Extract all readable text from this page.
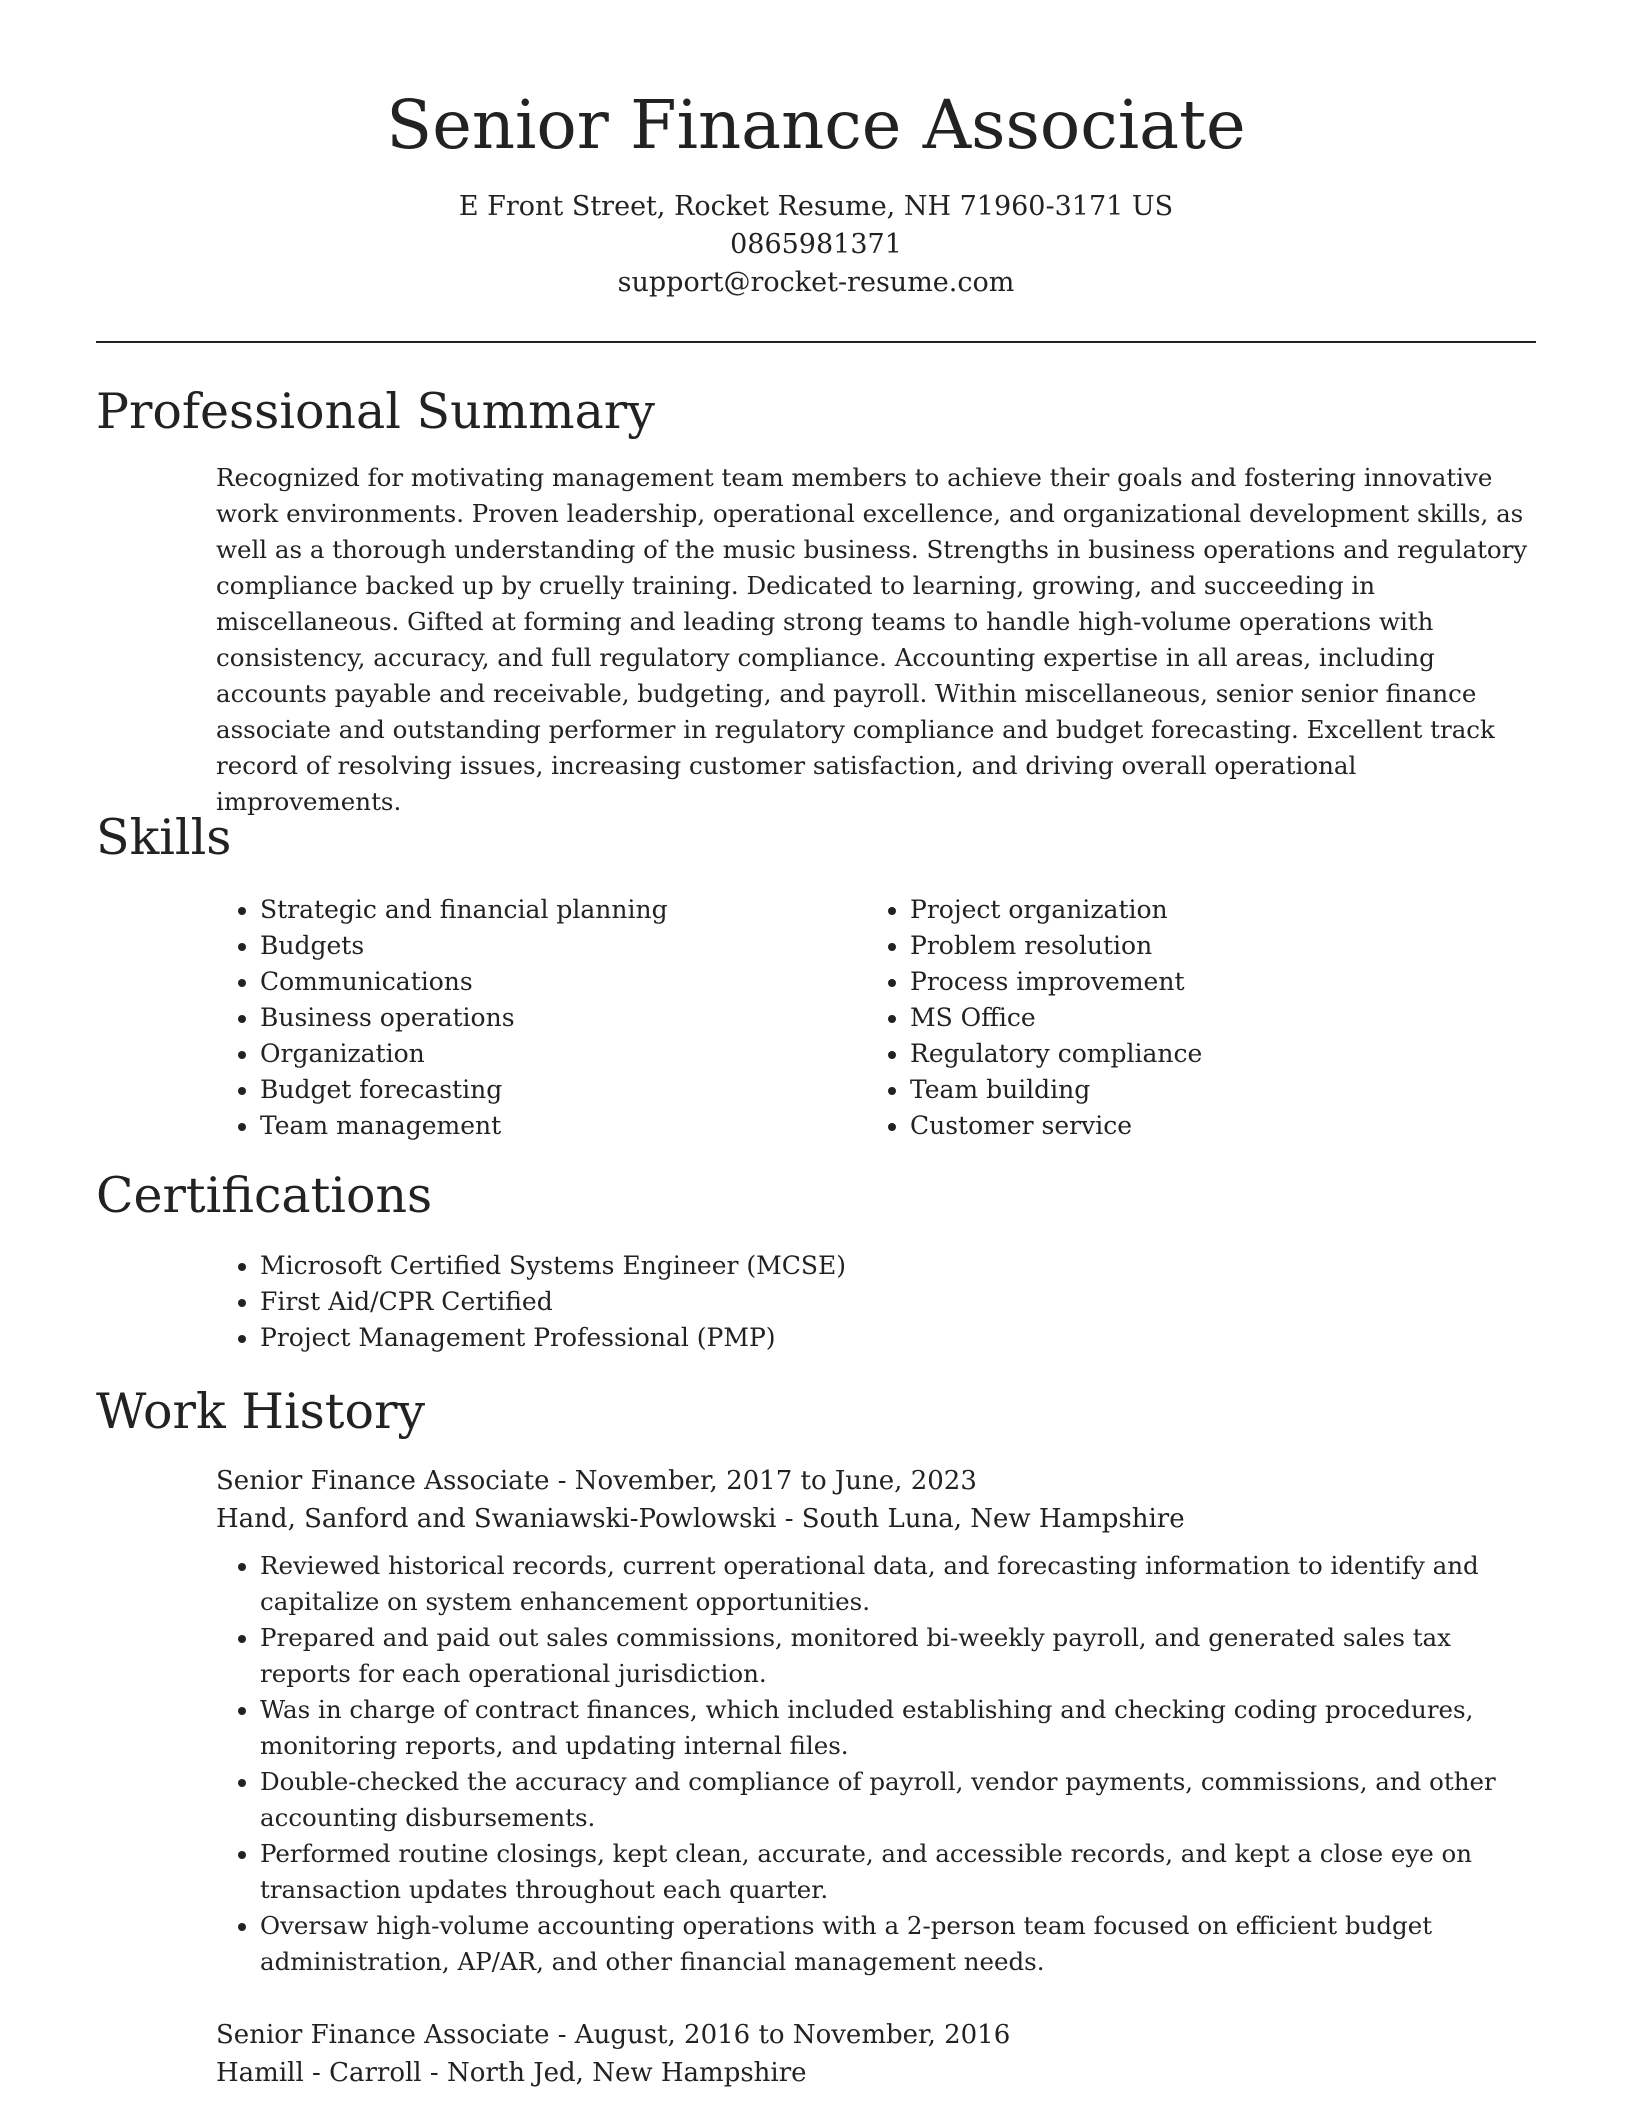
Senior Finance Associate
E Front Street, Rocket Resume, NH 71960-3171 US
0865981371
support@rocket-resume.com
Professional Summary

Recognized for motivating management team members to achieve their goals and fostering innovative work environments. Proven leadership, operational excellence, and organizational development skills, as well as a thorough understanding of the music business. Strengths in business operations and regulatory compliance backed up by cruelly training. Dedicated to learning, growing, and succeeding in miscellaneous. Gifted at forming and leading strong teams to handle high-volume operations with consistency, accuracy, and full regulatory compliance. Accounting expertise in all areas, including accounts payable and receivable, budgeting, and payroll. Within miscellaneous, senior senior finance associate and outstanding performer in regulatory compliance and budget forecasting. Excellent track record of resolving issues, increasing customer satisfaction, and driving overall operational improvements.

Skills
• Strategic and financial planning
• Budgets
• Communications
• Business operations
• Organization
• Budget forecasting
• Team management
• Project organization
• Problem resolution
• Process improvement
• MS Office
• Regulatory compliance
• Team building
• Customer service
Certifications
• Microsoft Certified Systems Engineer (MCSE)
• First Aid/CPR Certified
• Project Management Professional (PMP)
Work History
Senior Finance Associate - November, 2017 to June, 2023
Hand, Sanford and Swaniawski-Powlowski - South Luna, New Hampshire
• Reviewed historical records, current operational data, and forecasting information to identify and capitalize on system enhancement opportunities.
• Prepared and paid out sales commissions, monitored bi-weekly payroll, and generated sales tax reports for each operational jurisdiction.
• Was in charge of contract finances, which included establishing and checking coding procedures, monitoring reports, and updating internal files.
• Double-checked the accuracy and compliance of payroll, vendor payments, commissions, and other accounting disbursements.
• Performed routine closings, kept clean, accurate, and accessible records, and kept a close eye on transaction updates throughout each quarter.
• Oversaw high-volume accounting operations with a 2-person team focused on efficient budget administration, AP/AR, and other financial management needs.
Senior Finance Associate - August, 2016 to November, 2016
Hamill - Carroll - North Jed, New Hampshire
